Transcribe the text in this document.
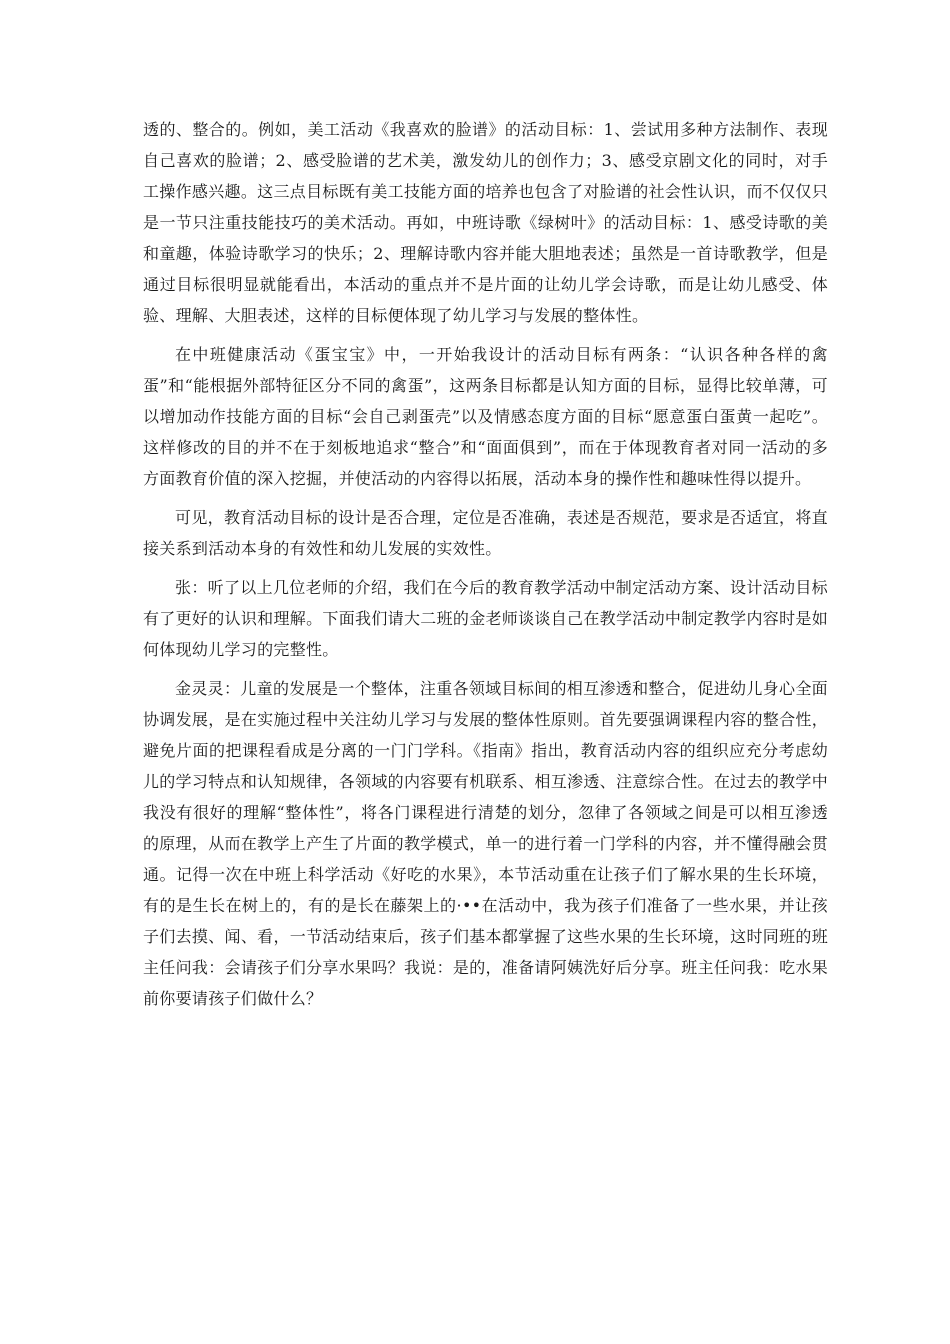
透的、整合的。例如，美工活动《我喜欢的脸谱》的活动目标：1、尝试用多种方法制作、表现自己喜欢的脸谱；2、感受脸谱的艺术美，激发幼儿的创作力；3、感受京剧文化的同时，对手工操作感兴趣。这三点目标既有美工技能方面的培养也包含了对脸谱的社会性认识，而不仅仅只是一节只注重技能技巧的美术活动。再如，中班诗歌《绿树叶》的活动目标：1、感受诗歌的美和童趣，体验诗歌学习的快乐；2、理解诗歌内容并能大胆地表述；虽然是一首诗歌教学，但是通过目标很明显就能看出，本活动的重点并不是片面的让幼儿学会诗歌，而是让幼儿感受、体验、理解、大胆表述，这样的目标便体现了幼儿学习与发展的整体性。

在中班健康活动《蛋宝宝》中，一开始我设计的活动目标有两条：“认识各种各样的禽蛋”和“能根据外部特征区分不同的禽蛋”，这两条目标都是认知方面的目标，显得比较单薄，可以增加动作技能方面的目标“会自己剥蛋壳”以及情感态度方面的目标“愿意蛋白蛋黄一起吃”。这样修改的目的并不在于刻板地追求“整合”和“面面俱到”，而在于体现教育者对同一活动的多方面教育价值的深入挖掘，并使活动的内容得以拓展，活动本身的操作性和趣味性得以提升。

可见，教育活动目标的设计是否合理，定位是否准确，表述是否规范，要求是否适宜，将直接关系到活动本身的有效性和幼儿发展的实效性。

张：听了以上几位老师的介绍，我们在今后的教育教学活动中制定活动方案、设计活动目标有了更好的认识和理解。下面我们请大二班的金老师谈谈自己在教学活动中制定教学内容时是如何体现幼儿学习的完整性。

金灵灵：儿童的发展是一个整体，注重各领域目标间的相互渗透和整合，促进幼儿身心全面协调发展，是在实施过程中关注幼儿学习与发展的整体性原则。首先要强调课程内容的整合性，避免片面的把课程看成是分离的一门门学科。《指南》指出，教育活动内容的组织应充分考虑幼儿的学习特点和认知规律，各领域的内容要有机联系、相互渗透、注意综合性。在过去的教学中我没有很好的理解“整体性”，将各门课程进行清楚的划分，忽律了各领域之间是可以相互渗透的原理，从而在教学上产生了片面的教学模式，单一的进行着一门学科的内容，并不懂得融会贯通。记得一次在中班上科学活动《好吃的水果》，本节活动重在让孩子们了解水果的生长环境，有的是生长在树上的，有的是长在藤架上的·••在活动中，我为孩子们准备了一些水果，并让孩子们去摸、闻、看，一节活动结束后，孩子们基本都掌握了这些水果的生长环境，这时同班的班主任问我：会请孩子们分享水果吗？我说：是的，准备请阿姨洗好后分享。班主任问我：吃水果前你要请孩子们做什么？
